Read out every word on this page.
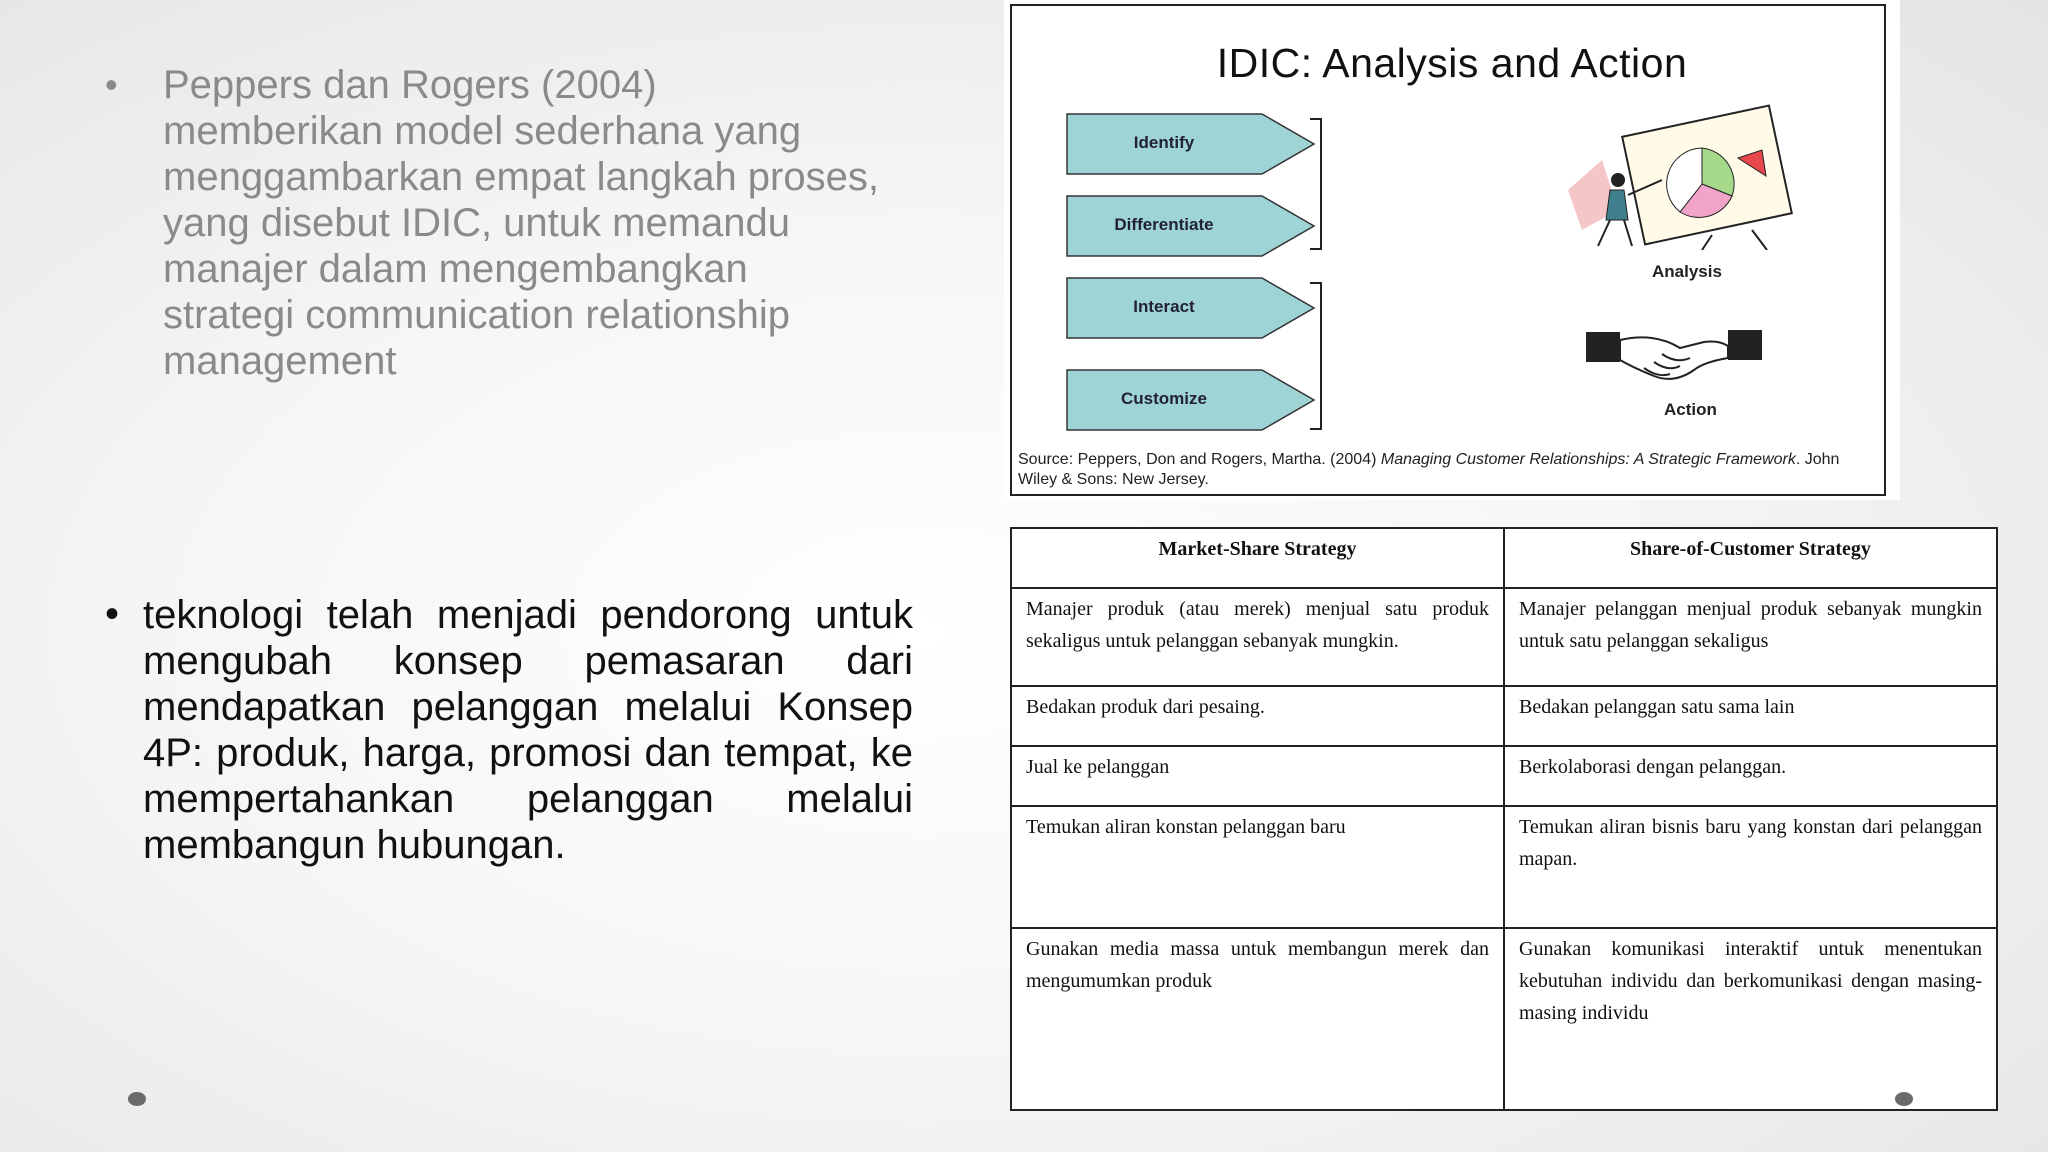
• Peppers dan Rogers (2004) memberikan model sederhana yang menggambarkan empat langkah proses, yang disebut IDIC, untuk memandu manajer dalam mengembangkan strategi communication relationship management
• teknologi telah menjadi pendorong untuk mengubah konsep pemasaran dari mendapatkan pelanggan melalui Konsep 4P: produk, harga, promosi dan tempat, ke mempertahankan pelanggan melalui membangun hubungan.
IDIC: Analysis and Action
Identify
Differentiate
Interact
Customize
Analysis
Action
Source: Peppers, Don and Rogers, Martha. (2004) Managing Customer Relationships: A Strategic Framework. John Wiley & Sons: New Jersey.
Market-Share Strategy	Share-of-Customer Strategy
Manajer produk (atau merek) menjual satu produk sekaligus untuk pelanggan sebanyak mungkin.	Manajer pelanggan menjual produk sebanyak mungkin untuk satu pelanggan sekaligus
Bedakan produk dari pesaing.	Bedakan pelanggan satu sama lain
Jual ke pelanggan	Berkolaborasi dengan pelanggan.
Temukan aliran konstan pelanggan baru	Temukan aliran bisnis baru yang konstan dari pelanggan mapan.
Gunakan media massa untuk membangun merek dan mengumumkan produk	Gunakan komunikasi interaktif untuk menentukan kebutuhan individu dan berkomunikasi dengan masing-masing individu
